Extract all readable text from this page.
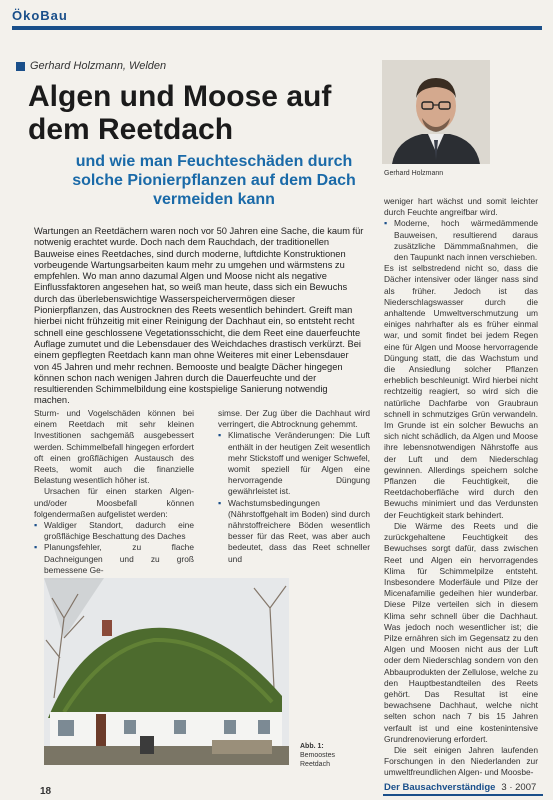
ÖkoBau
Gerhard Holzmann, Welden
Algen und Moose auf dem Reetdach
und wie man Feuchteschäden durch solche Pionierpflanzen auf dem Dach vermeiden kann
Gerhard Holzmann
Wartungen an Reetdächern waren noch vor 50 Jahren eine Sache, die kaum für notwenig erachtet wurde. Doch nach dem Rauchdach, der traditionellen Bauweise eines Reetdaches, sind durch moderne, luftdichte Konstruktionen vorbeugende Wartungsarbeiten kaum mehr zu umgehen und wärmstens zu empfehlen. Wo man anno dazumal Algen und Moose nicht als negative Einflussfaktoren angesehen hat, so weiß man heute, dass sich ein Bewuchs durch das überlebenswichtige Wasserspeichervermögen dieser Pionierpflanzen, das Austrocknen des Reets wesentlich behindert. Greift man hierbei nicht frühzeitig mit einer Reinigung der Dachhaut ein, so entsteht recht schnell eine geschlossene Vegetationsschicht, die dem Reet eine dauerfeuchte Auflage zumutet und die Lebensdauer des Weichdaches drastisch verkürzt. Bei einem gepflegten Reetdach kann man ohne Weiteres mit einer Lebensdauer von 45 Jahren und mehr rechnen. Bemooste und bealgte Dächer hingegen können schon nach wenigen Jahren durch die Dauerfeuchte und der resultierenden Schimmelbildung eine kostspielige Sanierung notwendig machen.

Sturm- und Vogelschäden können bei einem Reetdach mit sehr kleinen Investitionen sachgemäß ausgebessert werden. Schimmelbefall hingegen erfordert oft einen großflächigen Austausch des Reets, womit auch die finanzielle Belastung wesentlich höher ist.

Ursachen für einen starken Algen- und/oder Moosbefall können folgendermaßen aufgelistet werden:

▪ Waldiger Standort, dadurch eine großflächige Beschattung des Daches
▪ Planungsfehler, zu flache Dachneigungen und zu groß bemessene Ge-

simse. Der Zug über die Dachhaut wird verringert, die Abtrocknung gehemmt.

▪ Klimatische Veränderungen: Die Luft enthält in der heutigen Zeit wesentlich mehr Stickstoff und weniger Schwefel, womit speziell für Algen eine hervorragende Düngung gewährleistet ist.
▪ Wachstumsbedingungen (Nährstoffgehalt im Boden) sind durch nährstoffreichere Böden wesentlich besser für das Reet, was aber auch bedeutet, dass das Reet schneller und

weniger hart wächst und somit leichter durch Feuchte angreifbar wird.

▪ Moderne, hoch wärmedämmende Bauweisen, resultierend daraus zusätzliche Dämmmaßnahmen, die den Taupunkt nach innen verschieben.

Es ist selbstredend nicht so, dass die Dächer intensiver oder länger nass sind als früher. Jedoch ist das Niederschlagswasser durch die anhaltende Umweltverschmutzung um einiges nahrhafter als es früher einmal war, und somit findet bei jedem Regen eine für Algen und Moose hervorragende Düngung statt, die das Wachstum und die Ansiedlung solcher Pflanzen erheblich beschleunigt. Wird hierbei nicht rechtzeitig reagiert, so wird sich die natürliche Dachfarbe von Graubraun schnell in schmutziges Grün verwandeln. Im Grunde ist ein solcher Bewuchs an sich nicht schädlich, da Algen und Moose ihre lebensnotwendigen Nährstoffe aus der Luft und dem Niederschlag gewinnen. Allerdings speichern solche Pflanzen die Feuchtigkeit, die Reetdachoberfläche wird durch den Bewuchs minimiert und das Verdunsten der Feuchtigkeit stark behindert.

Die Wärme des Reets und die zurückgehaltene Feuchtigkeit des Bewuchses sorgt dafür, dass zwischen Reet und Algen ein hervorragendes Klima für Schimmelpilze entsteht. Insbesondere Moderfäule und Pilze der Micenafamilie gedeihen hier wunderbar. Diese Pilze verteilen sich in diesem Klima sehr schnell über die Dachhaut. Was jedoch noch wesentlicher ist; die Pilze ernähren sich im Gegensatz zu den Algen und Moosen nicht aus der Luft oder dem Niederschlag sondern von den Abbauprodukten der Zellulose, welche zu den Hauptbestandteilen des Reets gehört. Das Resultat ist eine bewachsene Dachhaut, welche nicht selten schon nach 7 bis 15 Jahren verfault ist und eine kostenintensive Grundrenovierung erfordert.

Die seit einigen Jahren laufenden Forschungen in den Niederlanden zur umweltfreundlichen Algen- und Moosbe-

Abb. 1: Bemoostes Reetdach
18	Der Bausachverständige 3 · 2007
